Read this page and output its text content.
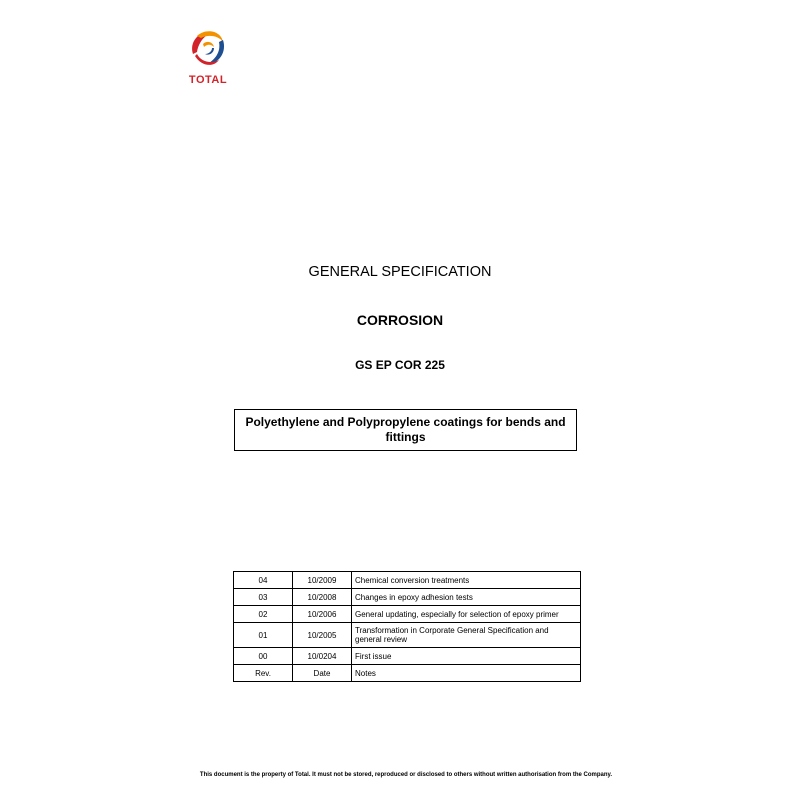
TOTAL
GENERAL SPECIFICATION
CORROSION
GS EP COR 225
Polyethylene and Polypropylene coatings for bends and fittings
04	10/2009	Chemical conversion treatments
03	10/2008	Changes in epoxy adhesion tests
02	10/2006	General updating, especially for selection of epoxy primer
01	10/2005	Transformation in Corporate General Specification and general review
00	10/0204	First issue
Rev.	Date	Notes
This document is the property of Total. It must not be stored, reproduced or disclosed to others without written authorisation from the Company.
